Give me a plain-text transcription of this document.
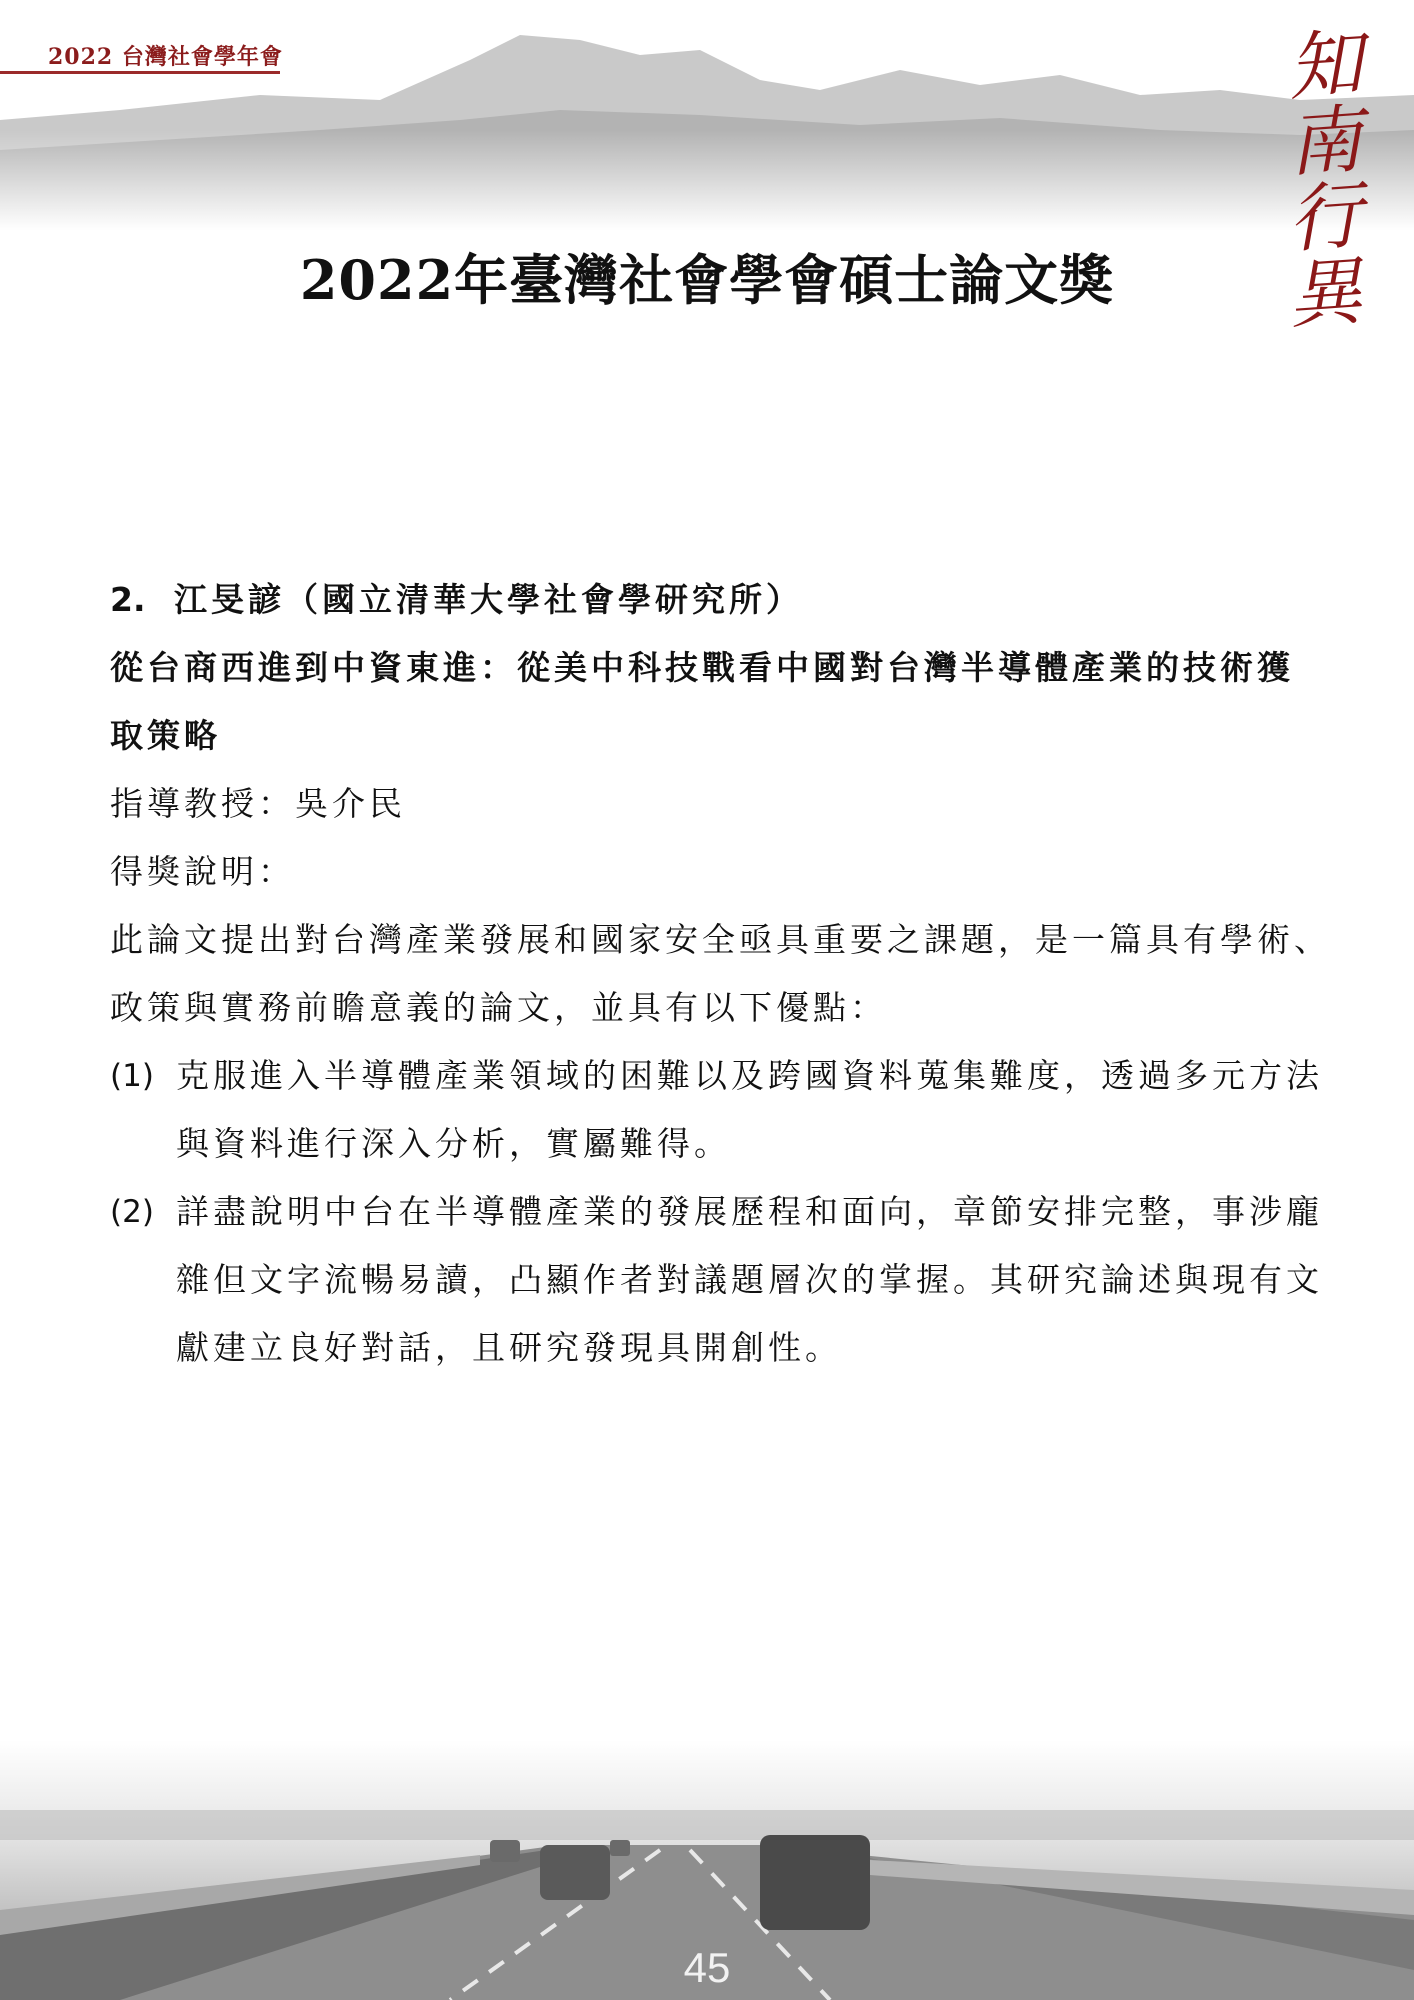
2022 台灣社會學年會	知
南
行
異
2022年臺灣社會學會碩士論文獎
2. 江旻諺（國立清華大學社會學研究所）
從台商西進到中資東進：從美中科技戰看中國對台灣半導體產業的技術獲
取策略
指導教授：吳介民
得獎說明：
此論文提出對台灣產業發展和國家安全亟具重要之課題，是一篇具有學術、
政策與實務前瞻意義的論文，並具有以下優點：
(1) 克服進入半導體產業領域的困難以及跨國資料蒐集難度，透過多元方法
與資料進行深入分析，實屬難得。
(2) 詳盡說明中台在半導體產業的發展歷程和面向，章節安排完整，事涉龐
雜但文字流暢易讀，凸顯作者對議題層次的掌握。其研究論述與現有文
獻建立良好對話，且研究發現具開創性。
45
